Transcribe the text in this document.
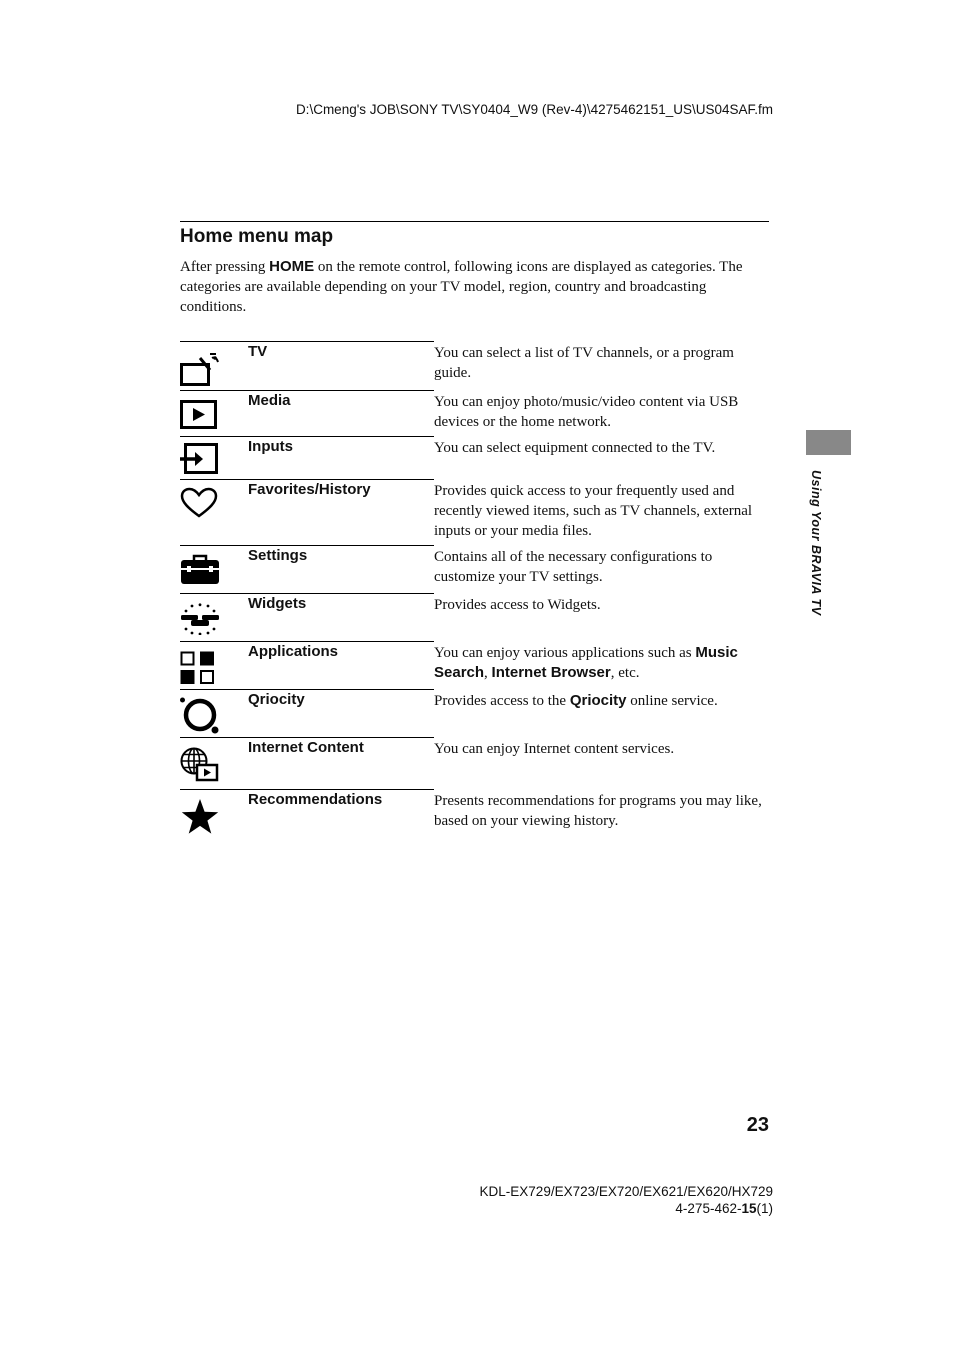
D:\Cmeng's JOB\SONY TV\SY0404_W9 (Rev-4)\4275462151_US\US04SAF.fm
Home menu map

After pressing HOME on the remote control, following icons are displayed as categories. The categories are available depending on your TV model, region, country and broadcasting conditions.

TV	You can select a list of TV channels, or a program guide.
Media	You can enjoy photo/music/video content via USB devices or the home network.
Inputs	You can select equipment connected to the TV.
Favorites/History	Provides quick access to your frequently used and recently viewed items, such as TV channels, external inputs or your media files.
Settings	Contains all of the necessary configurations to customize your TV settings.
Widgets	Provides access to Widgets.
Applications	You can enjoy various applications such as Music Search, Internet Browser, etc.
Qriocity	Provides access to the Qriocity online service.
Internet Content	You can enjoy Internet content services.
Recommendations	Presents recommendations for programs you may like, based on your viewing history.
Using Your BRAVIA TV
23
KDL-EX729/EX723/EX720/EX621/EX620/HX729
4-275-462-15(1)
